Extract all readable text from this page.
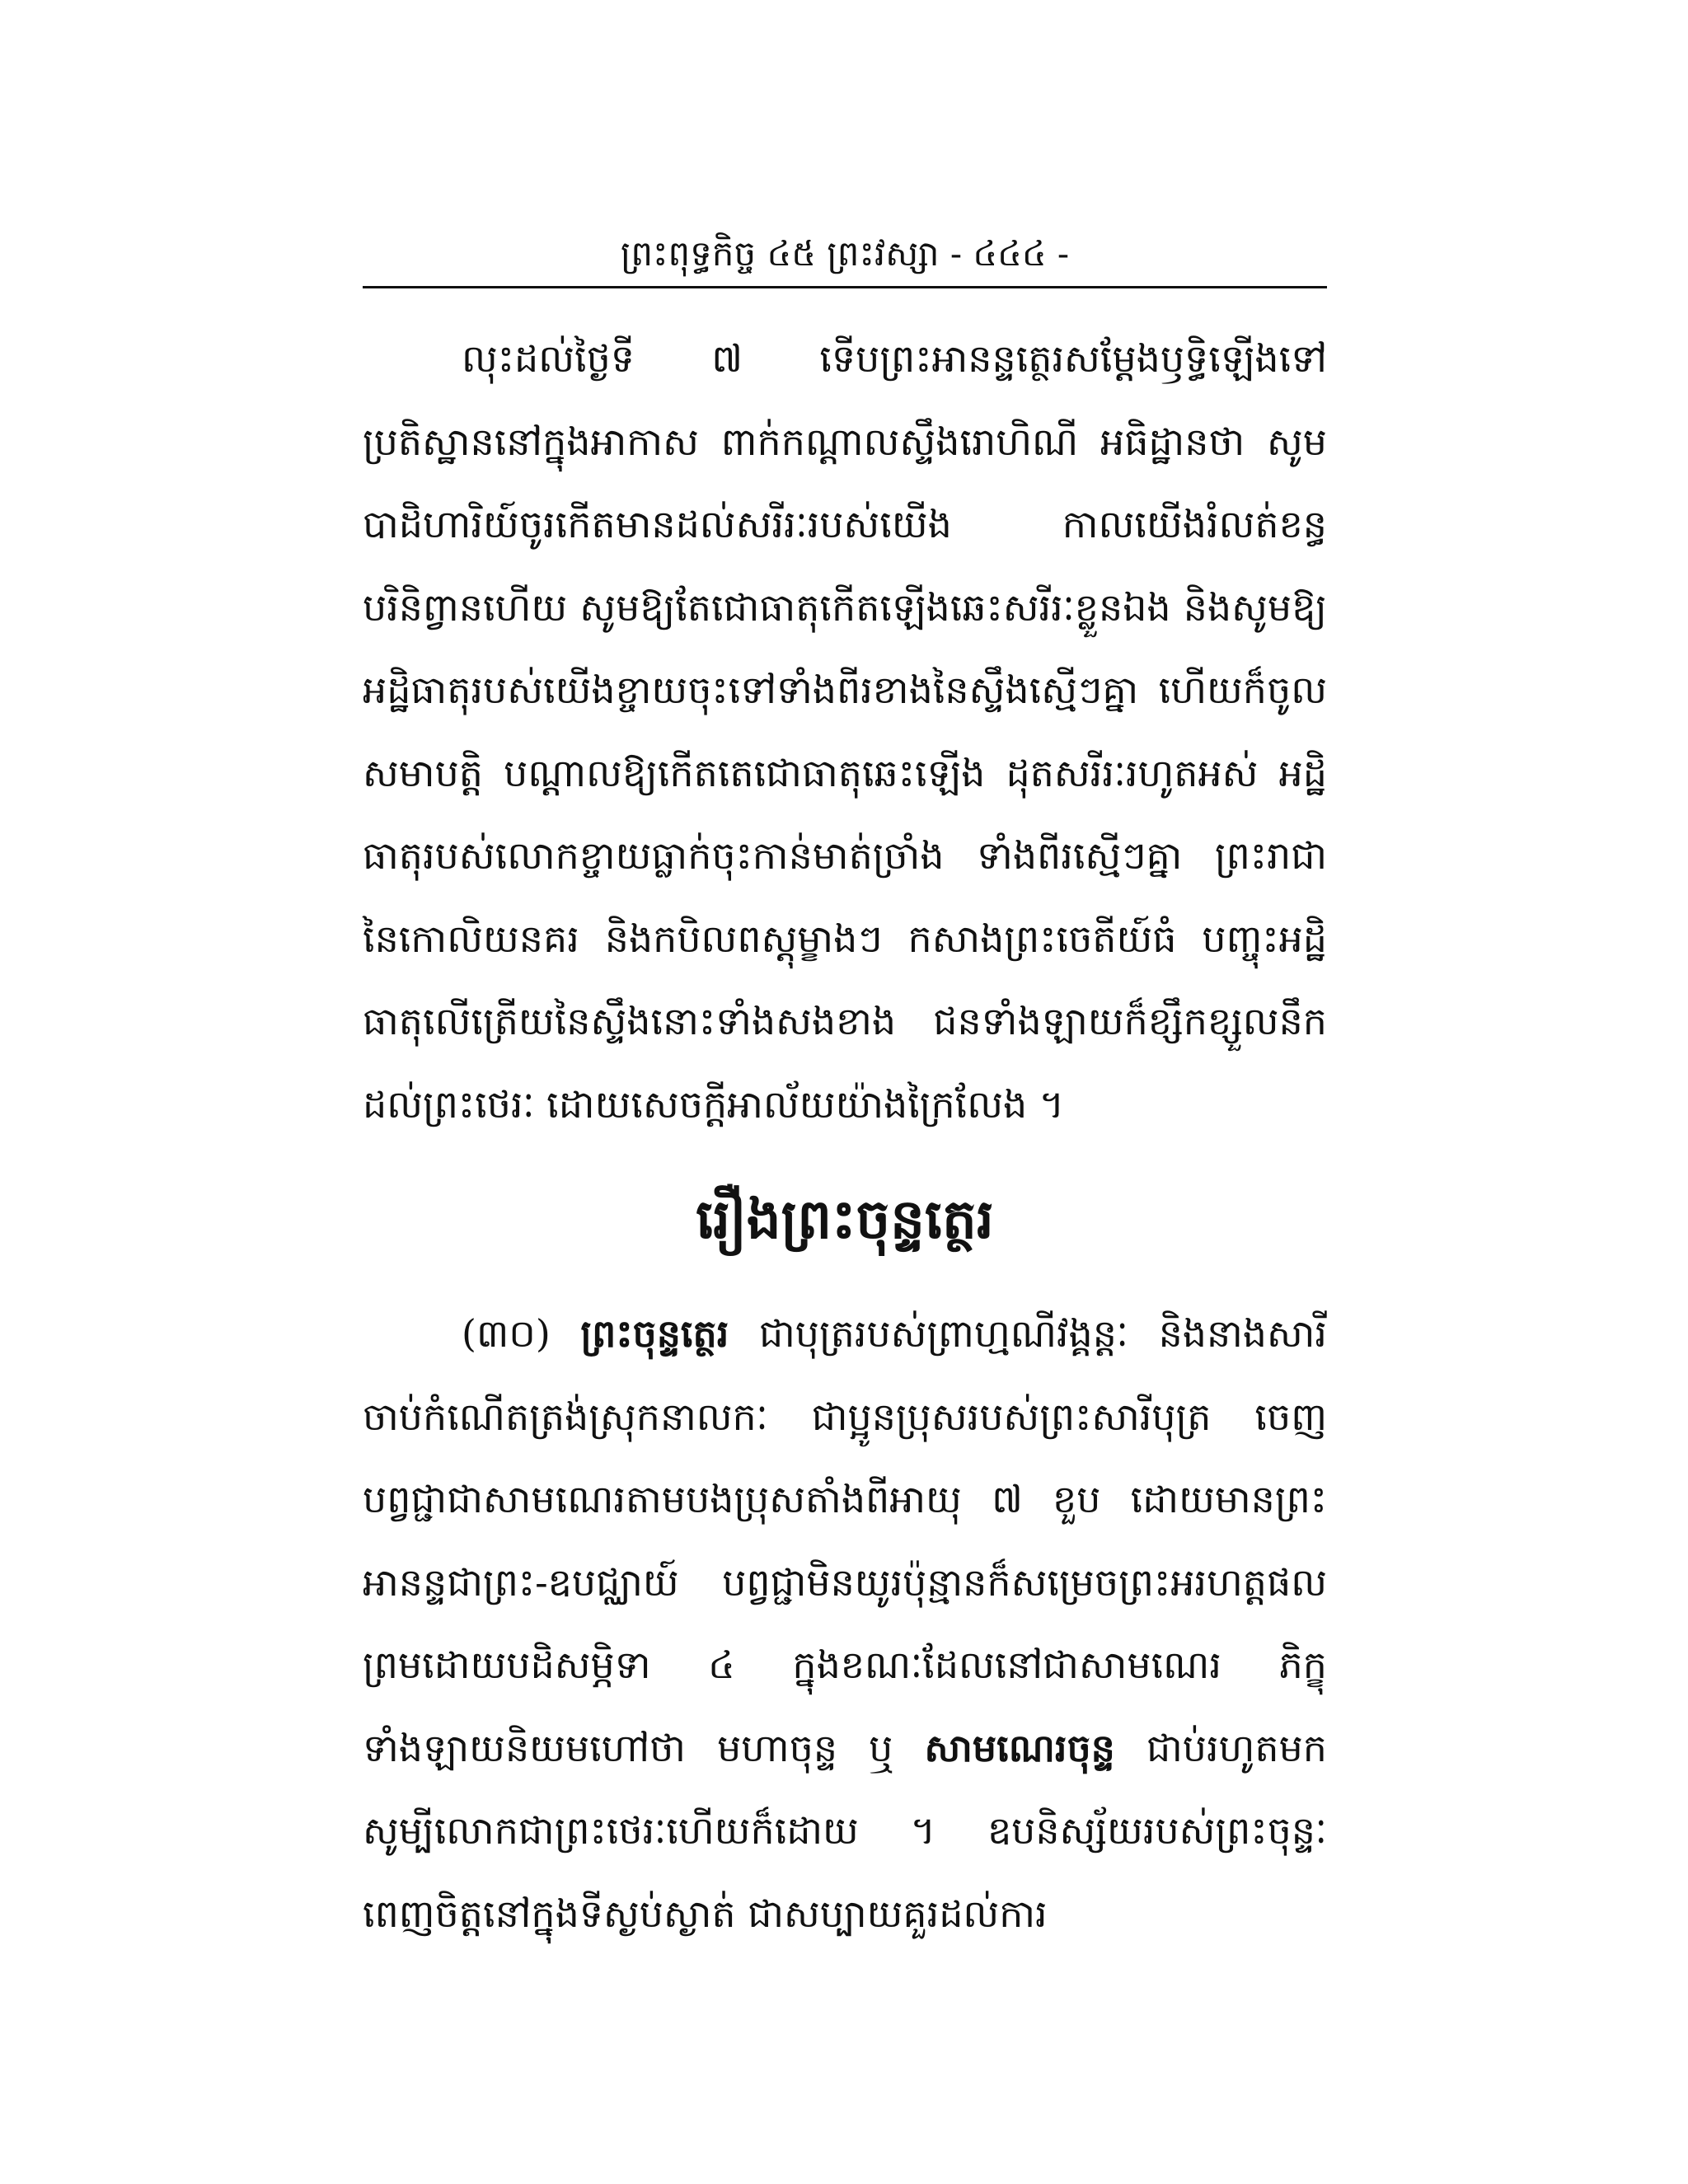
ព្រះពុទ្ធកិច្ច ៤៥ ព្រះវស្សា - ៤៤៤ -

លុះដល់ថ្ងៃទី ៧ ទើបព្រះអានន្ទត្ថេរសម្តែងឫទ្ធិឡើងទៅប្រតិស្ឋាននៅក្នុងអាកាស ពាក់កណ្តាលស្ទឹងរោហិណី អធិដ្ឋានថា សូមបាដិហារិយ៍ចូរកើតមានដល់សរីរៈរបស់យើង កាលយើងរំលត់ខន្ធបរិនិព្វានហើយ សូមឱ្យតែជោធាតុកើតឡើងឆេះសរីរៈខ្លួនឯង និងសូមឱ្យអដ្ឋិធាតុរបស់យើងខ្ចាយចុះទៅទាំងពីរខាងនៃស្ទឹងស្មើៗគ្នា ហើយក៏ចូលសមាបត្តិ បណ្តាលឱ្យកើតតេជោធាតុឆេះឡើង ដុតសរីរៈរហូតអស់ អដ្ឋិធាតុរបស់លោកខ្ចាយធ្លាក់ចុះកាន់មាត់ច្រាំង ទាំងពីរស្មើៗគ្នា ព្រះរាជានៃកោលិយនគរ និងកបិលពស្តុម្ខាងៗ កសាងព្រះចេតីយ៍ធំ បញ្ចុះអដ្ឋិធាតុលើត្រើយនៃស្ទឹងនោះទាំងសងខាង ជនទាំងឡាយក៏ខ្សឹកខ្សួលនឹកដល់ព្រះថេរៈ ដោយសេចក្តីអាល័យយ៉ាងក្រៃលែង ។

រឿងព្រះចុន្ទត្ថេរ

(៣០) ព្រះចុន្ទត្ថេរ ជាបុត្ររបស់ព្រាហ្មណីវង្គន្តៈ និងនាងសារី ចាប់កំណើតត្រង់ស្រុកនាលកៈ ជាប្អូនប្រុសរបស់ព្រះសារីបុត្រ ចេញបព្វជ្ជាជាសាមណេរតាមបងប្រុសតាំងពីអាយុ ៧ ខួប ដោយមានព្រះអានន្ទជាព្រះ-ឧបជ្ឈាយ៍ បព្វជ្ជាមិនយូរប៉ុន្មានក៏សម្រេចព្រះអរហត្តផល ព្រមដោយបដិសម្ភិទា ៤ ក្នុងខណៈដែលនៅជាសាមណេរ ភិក្ខុទាំងឡាយនិយមហៅថា មហាចុន្ទ ឬ សាមណេរចុន្ទ ជាប់រហូតមក សូម្បីលោកជាព្រះថេរៈហើយក៏ដោយ ។ ឧបនិស្ស័យរបស់ព្រះចុន្ទៈ ពេញចិត្តនៅក្នុងទីស្ងប់ស្ងាត់ ជាសប្បាយគួរដល់ការ
